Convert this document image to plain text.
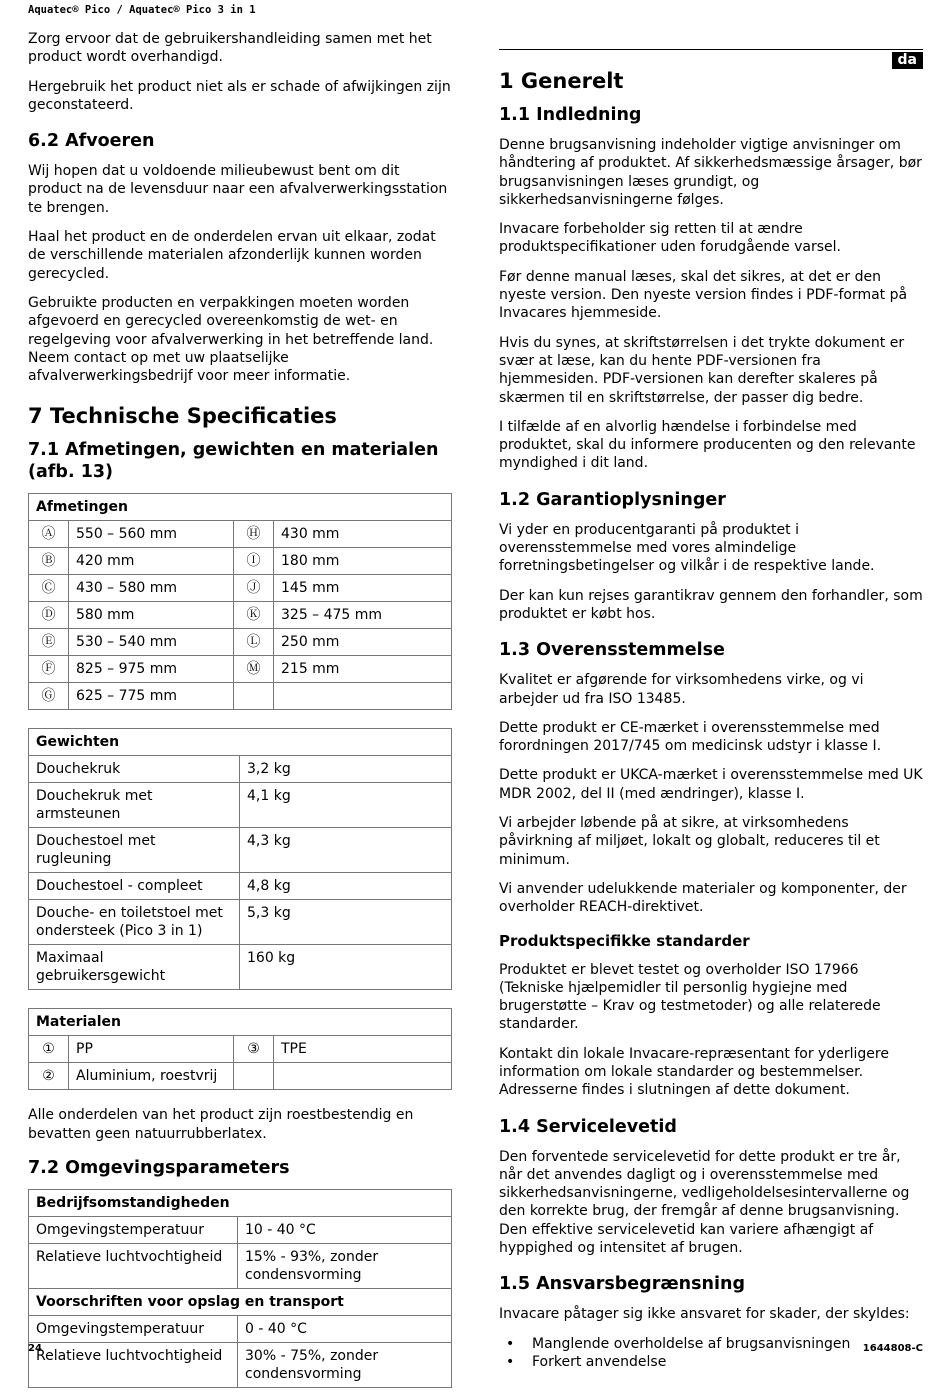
Aquatec® Pico / Aquatec® Pico 3 in 1
da

Zorg ervoor dat de gebruikershandleiding samen met het product wordt overhandigd.

Hergebruik het product niet als er schade of afwijkingen zijn geconstateerd.

6.2 Afvoeren

Wij hopen dat u voldoende milieubewust bent om dit product na de levensduur naar een afvalverwerkingsstation te brengen.

Haal het product en de onderdelen ervan uit elkaar, zodat de verschillende materialen afzonderlijk kunnen worden gerecycled.

Gebruikte producten en verpakkingen moeten worden afgevoerd en gerecycled overeenkomstig de wet- en regelgeving voor afvalverwerking in het betreffende land. Neem contact op met uw plaatselijke afvalverwerkingsbedrijf voor meer informatie.

7 Technische Specificaties
7.1 Afmetingen, gewichten en materialen (afb. 13)
Afmetingen			
Ⓐ	550 – 560 mm	Ⓗ	430 mm
Ⓑ	420 mm	Ⓘ	180 mm
Ⓒ	430 – 580 mm	Ⓙ	145 mm
Ⓓ	580 mm	Ⓚ	325 – 475 mm
Ⓔ	530 – 540 mm	Ⓛ	250 mm
Ⓕ	825 – 975 mm	Ⓜ	215 mm
Ⓖ	625 – 775 mm		
Gewichten	
Douchekruk	3,2 kg
Douchekruk met armsteunen	4,1 kg
Douchestoel met rugleuning	4,3 kg
Douchestoel - compleet	4,8 kg
Douche- en toiletstoel met ondersteek (Pico 3 in 1)	5,3 kg
Maximaal gebruikersgewicht	160 kg
Materialen			
①	PP	③	TPE
②	Aluminium, roestvrij		

Alle onderdelen van het product zijn roestbestendig en bevatten geen natuurrubberlatex.

7.2 Omgevingsparameters
Bedrijfsomstandigheden	
Omgevingstemperatuur	10 - 40 °C
Relatieve luchtvochtigheid	15% - 93%, zonder condensvorming
Voorschriften voor opslag en transport	
Omgevingstemperatuur	0 - 40 °C
Relatieve luchtvochtigheid	30% - 75%, zonder condensvorming
1 Generelt
1.1 Indledning

Denne brugsanvisning indeholder vigtige anvisninger om håndtering af produktet. Af sikkerhedsmæssige årsager, bør brugsanvisningen læses grundigt, og sikkerhedsanvisningerne følges.

Invacare forbeholder sig retten til at ændre produktspecifikationer uden forudgående varsel.

Før denne manual læses, skal det sikres, at det er den nyeste version. Den nyeste version findes i PDF-format på Invacares hjemmeside.

Hvis du synes, at skriftstørrelsen i det trykte dokument er svær at læse, kan du hente PDF-versionen fra hjemmesiden. PDF-versionen kan derefter skaleres på skærmen til en skriftstørrelse, der passer dig bedre.

I tilfælde af en alvorlig hændelse i forbindelse med produktet, skal du informere producenten og den relevante myndighed i dit land.

1.2 Garantioplysninger

Vi yder en producentgaranti på produktet i overensstemmelse med vores almindelige forretningsbetingelser og vilkår i de respektive lande.

Der kan kun rejses garantikrav gennem den forhandler, som produktet er købt hos.

1.3 Overensstemmelse

Kvalitet er afgørende for virksomhedens virke, og vi arbejder ud fra ISO 13485.

Dette produkt er CE-mærket i overensstemmelse med forordningen 2017/745 om medicinsk udstyr i klasse I.

Dette produkt er UKCA-mærket i overensstemmelse med UK MDR 2002, del II (med ændringer), klasse I.

Vi arbejder løbende på at sikre, at virksomhedens påvirkning af miljøet, lokalt og globalt, reduceres til et minimum.

Vi anvender udelukkende materialer og komponenter, der overholder REACH-direktivet.

Produktspecifikke standarder

Produktet er blevet testet og overholder ISO 17966 (Tekniske hjælpemidler til personlig hygiejne med brugerstøtte – Krav og testmetoder) og alle relaterede standarder.

Kontakt din lokale Invacare-repræsentant for yderligere information om lokale standarder og bestemmelser. Adresserne findes i slutningen af dette dokument.

1.4 Servicelevetid

Den forventede servicelevetid for dette produkt er tre år, når det anvendes dagligt og i overensstemmelse med sikkerhedsanvisningerne, vedligeholdelsesintervallerne og den korrekte brug, der fremgår af denne brugsanvisning. Den effektive servicelevetid kan variere afhængigt af hyppighed og intensitet af brugen.

1.5 Ansvarsbegrænsning

Invacare påtager sig ikke ansvaret for skader, der skyldes:

• Manglende overholdelse af brugsanvisningen
• Forkert anvendelse
24	1644808-C
